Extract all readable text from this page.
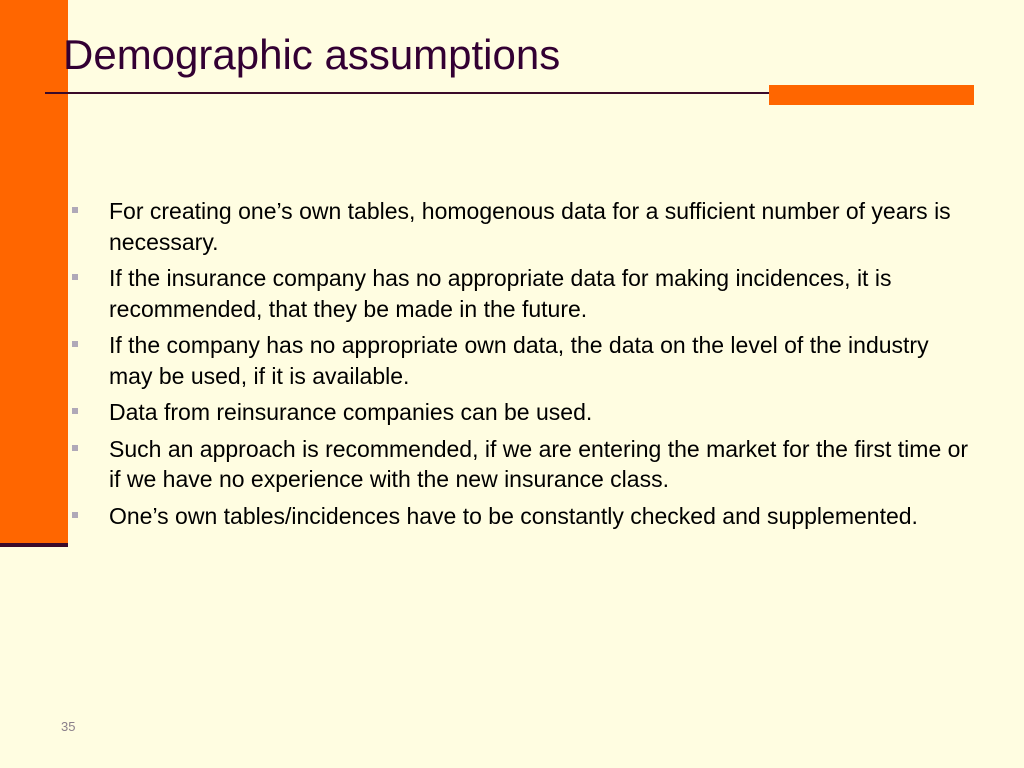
Demographic assumptions
For creating one’s own tables, homogenous data for a sufficient number of years is necessary.
If the insurance company has no appropriate data for making incidences, it is recommended, that they be made in the future.
If the company has no appropriate own data, the data on the level of the industry may be used, if it is available.
Data from reinsurance companies can be used.
Such an approach is recommended, if we are entering the market for the first time or if we have no experience with the new insurance class.
One’s own tables/incidences have to be constantly checked and supplemented.
35
